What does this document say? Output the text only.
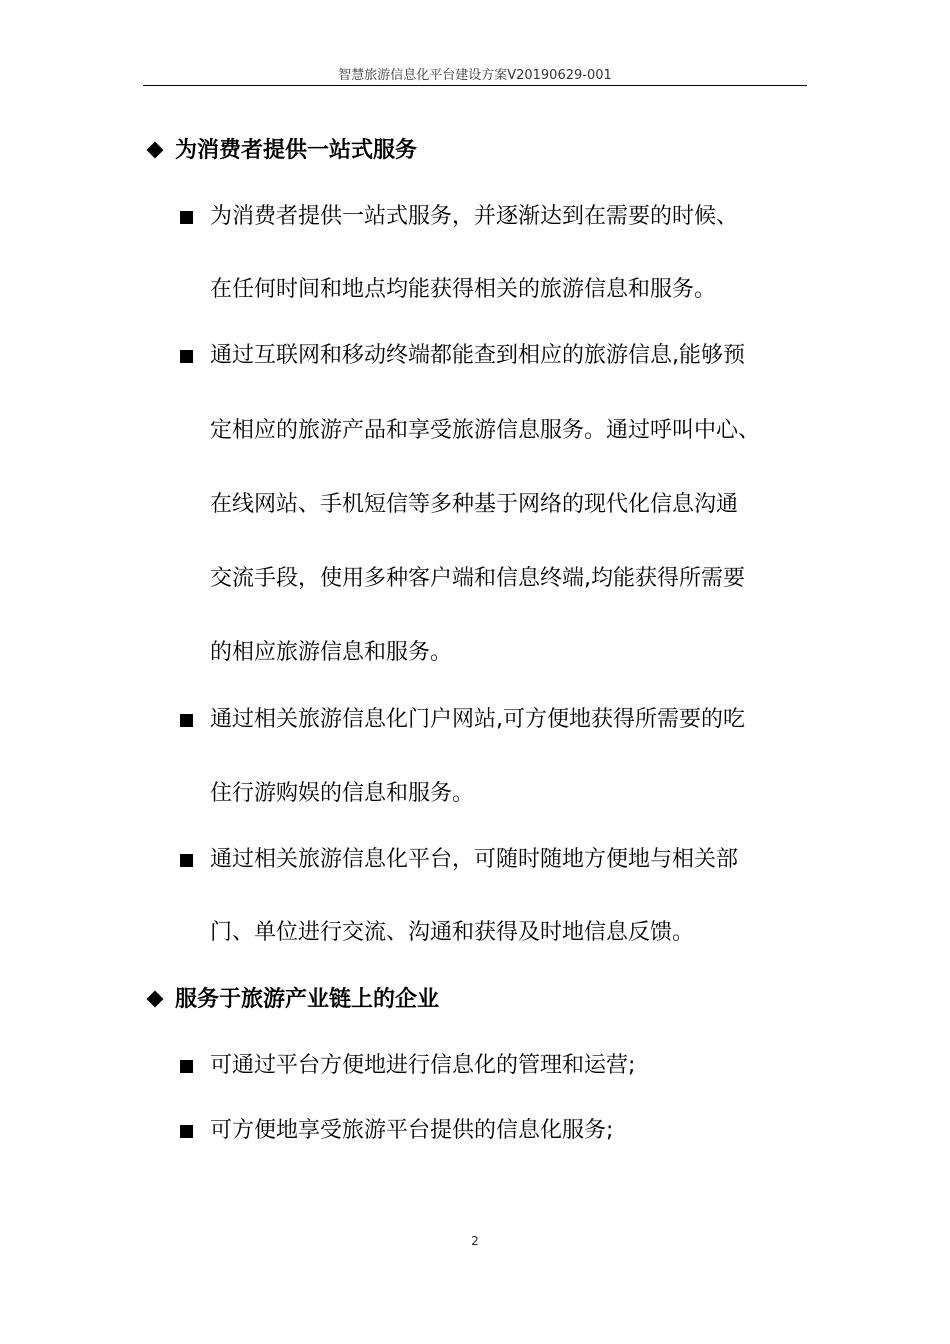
智慧旅游信息化平台建设方案V20190629-001
为消费者提供一站式服务
为消费者提供一站式服务，并逐渐达到在需要的时候、
在任何时间和地点均能获得相关的旅游信息和服务。
通过互联网和移动终端都能查到相应的旅游信息,能够预
定相应的旅游产品和享受旅游信息服务。通过呼叫中心、
在线网站、手机短信等多种基于网络的现代化信息沟通
交流手段，使用多种客户端和信息终端,均能获得所需要
的相应旅游信息和服务。
通过相关旅游信息化门户网站,可方便地获得所需要的吃
住行游购娱的信息和服务。
通过相关旅游信息化平台，可随时随地方便地与相关部
门、单位进行交流、沟通和获得及时地信息反馈。
服务于旅游产业链上的企业
可通过平台方便地进行信息化的管理和运营;
可方便地享受旅游平台提供的信息化服务;
2
